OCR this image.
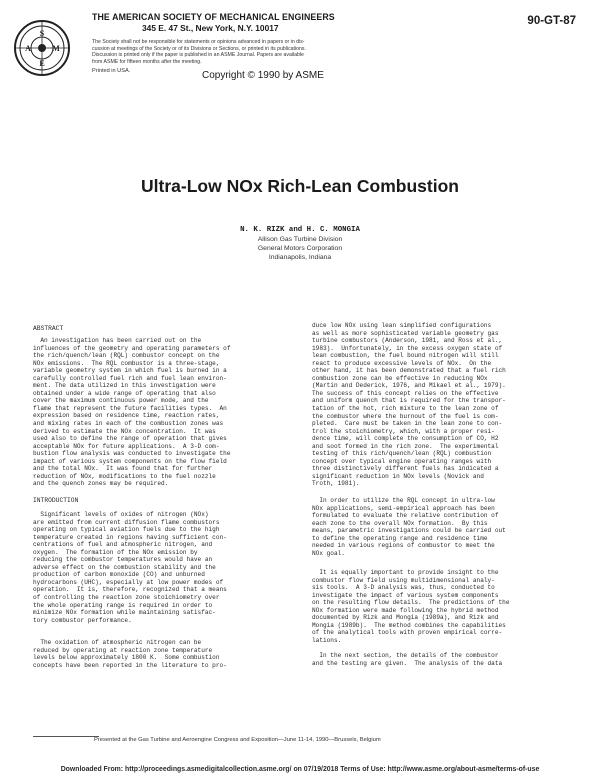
S
M
E
A
THE AMERICAN SOCIETY OF MECHANICAL ENGINEERS
345 E. 47 St., New York, N.Y. 10017
90-GT-87
The Society shall not be responsible for statements or opinions advanced in papers or in dis-
cussion at meetings of the Society or of its Divisions or Sections, or printed in its publications.
Discussion is printed only if the paper is published in an ASME Journal. Papers are available
from ASME for fifteen months after the meeting.
Printed in USA.	Copyright © 1990 by ASME
Ultra-Low NOx Rich-Lean Combustion
N. K. RIZK and H. C. MONGIA
Allison Gas Turbine Division
General Motors Corporation
Indianapolis, Indiana
ABSTRACT

An investigation has been carried out on the

influences of the geometry and operating parameters of

the rich/quench/lean (RQL) combustor concept on the

NOx emissions.  The RQL combustor is a three-stage,

variable geometry system in which fuel is burned in a

carefully controlled fuel rich and fuel lean environ-

ment. The data utilized in this investigation were

obtained under a wide range of operating that also

cover the maximum continuous power mode, and the

flame that represent the future facilities types.  An

expression based on residence time, reaction rates,

and mixing rates in each of the combustion zones was

derived to estimate the NOx concentration.  It was

used also to define the range of operation that gives

acceptable NOx for future applications.  A 3-D com-

bustion flow analysis was conducted to investigate the

impact of various system components on the flow field

and the total NOx.  It was found that for further

reduction of NOx, modifications to the fuel nozzle

and the quench zones may be required.

INTRODUCTION

Significant levels of oxides of nitrogen (NOx)

are emitted from current diffusion flame combustors

operating on typical aviation fuels due to the high

temperature created in regions having sufficient con-

centrations of fuel and atmospheric nitrogen, and

oxygen.  The formation of the NOx emission by

reducing the combustor temperatures would have an

adverse effect on the combustion stability and the

production of carbon monoxide (CO) and unburned

hydrocarbons (UHC), especially at low power modes of

operation.  It is, therefore, recognized that a means

of controlling the reaction zone stoichiometry over

the whole operating range is required in order to

minimize NOx formation while maintaining satisfac-

tory combustor performance.

The oxidation of atmospheric nitrogen can be

reduced by operating at reaction zone temperature

levels below approximately 1800 K.  Some combustion

concepts have been reported in the literature to pro-

duce low NOx using lean simplified configurations

as well as more sophisticated variable geometry gas

turbine combustors (Anderson, 1981, and Ross et al.,

1983).  Unfortunately, in the excess oxygen state of

lean combustion, the fuel bound nitrogen will still

react to produce excessive levels of NOx.  On the

other hand, it has been demonstrated that a fuel rich

combustion zone can be effective in reducing NOx

(Martin and Dederick, 1976, and Mikael et al., 1979).

The success of this concept relies on the effective

and uniform quench that is required for the transpor-

tation of the hot, rich mixture to the lean zone of

the combustor where the burnout of the fuel is com-

pleted.  Care must be taken in the lean zone to con-

trol the stoichiometry, which, with a proper resi-

dence time, will complete the consumption of CO, H2

and soot formed in the rich zone.  The experimental

testing of this rich/quench/lean (RQL) combustion

concept over typical engine operating ranges with

three distinctively different fuels has indicated a

significant reduction in NOx levels (Novick and

Troth, 1981).

In order to utilize the RQL concept in ultra-low

NOx applications, semi-empirical approach has been

formulated to evaluate the relative contribution of

each zone to the overall NOx formation.  By this

means, parametric investigations could be carried out

to define the operating range and residence time

needed in various regions of combustor to meet the

NOx goal.

It is equally important to provide insight to the

combustor flow field using multidimensional analy-

sis tools.  A 3-D analysis was, thus, conducted to

investigate the impact of various system components

on the resulting flow details.  The predictions of the

NOx formation were made following the hybrid method

documented by Rizk and Mongia (1989a), and Rizk and

Mongia (1989b).  The method combines the capabilities

of the analytical tools with proven empirical corre-

lations.

In the next section, the details of the combustor

and the testing are given.  The analysis of the data

Presented at the Gas Turbine and Aeroengine Congress and Exposition—June 11-14, 1990—Brussels, Belgium
Downloaded From: http://proceedings.asmedigitalcollection.asme.org/ on 07/19/2018 Terms of Use: http://www.asme.org/about-asme/terms-of-use
